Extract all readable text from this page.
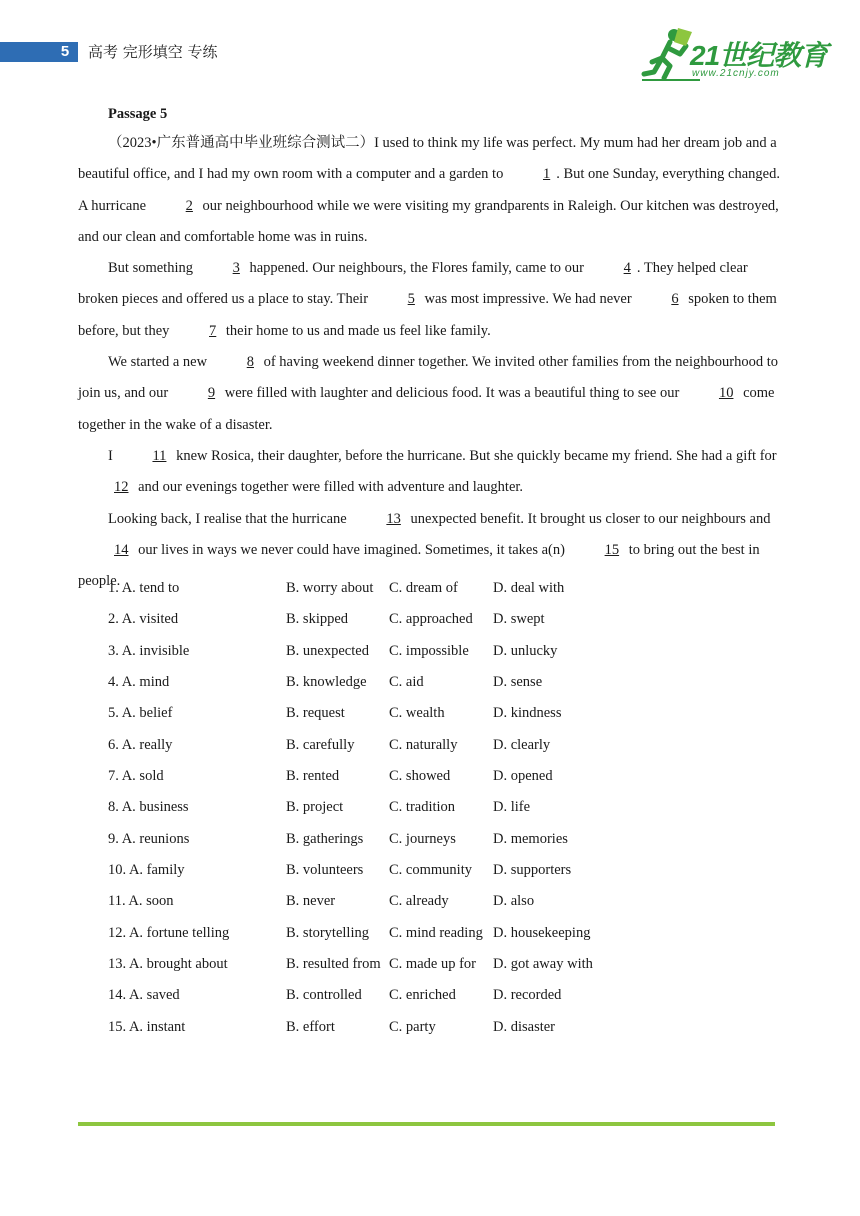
5	高考 完形填空 专练	21世纪教育
www.21cnjy.com
Passage 5

（2023•广东普通高中毕业班综合测试二）I used to think my life was perfect. My mum had her dream job and a beautiful office, and I had my own room with a computer and a garden to 1 . But one Sunday, everything changed. A hurricane 2 our neighbourhood while we were visiting my grandparents in Raleigh. Our kitchen was destroyed, and our clean and comfortable home was in ruins.

But something 3 happened. Our neighbours, the Flores family, came to our 4 . They helped clear broken pieces and offered us a place to stay. Their 5 was most impressive. We had never 6 spoken to them before, but they 7 their home to us and made us feel like family.

We started a new 8 of having weekend dinner together. We invited other families from the neighbourhood to join us, and our 9 were filled with laughter and delicious food. It was a beautiful thing to see our 10 come together in the wake of a disaster.

I 11 knew Rosica, their daughter, before the hurricane. But she quickly became my friend. She had a gift for 12 and our evenings together were filled with adventure and laughter.

Looking back, I realise that the hurricane 13 unexpected benefit. It brought us closer to our neighbours and 14 our lives in ways we never could have imagined. Sometimes, it takes a(n) 15 to bring out the best in people.

1. A. tend to	B. worry about C. dream of D. deal with
2. A. visited	B. skipped	C. approached D. swept
3. A. invisible	B. unexpected C. impossible D. unlucky
4. A. mind	B. knowledge C. aid	D. sense
5. A. belief	B. request	C. wealth	D. kindness
6. A. really	B. carefully C. naturally D. clearly
7. A. sold	B. rented	C. showed	D. opened
8. A. business	B. project	C. tradition	D. life
9. A. reunions	B. gatherings C. journeys	D. memories
10. A. family	B. volunteers C. community D. supporters
11. A. soon	B. never	C. already	D. also
12. A. fortune telling	B. storytelling C. mind reading D. housekeeping
13. A. brought about	B. resulted from C. made up for D. got away with
14. A. saved	B. controlled C. enriched	D. recorded
15. A. instant	B. effort	C. party	D. disaster
